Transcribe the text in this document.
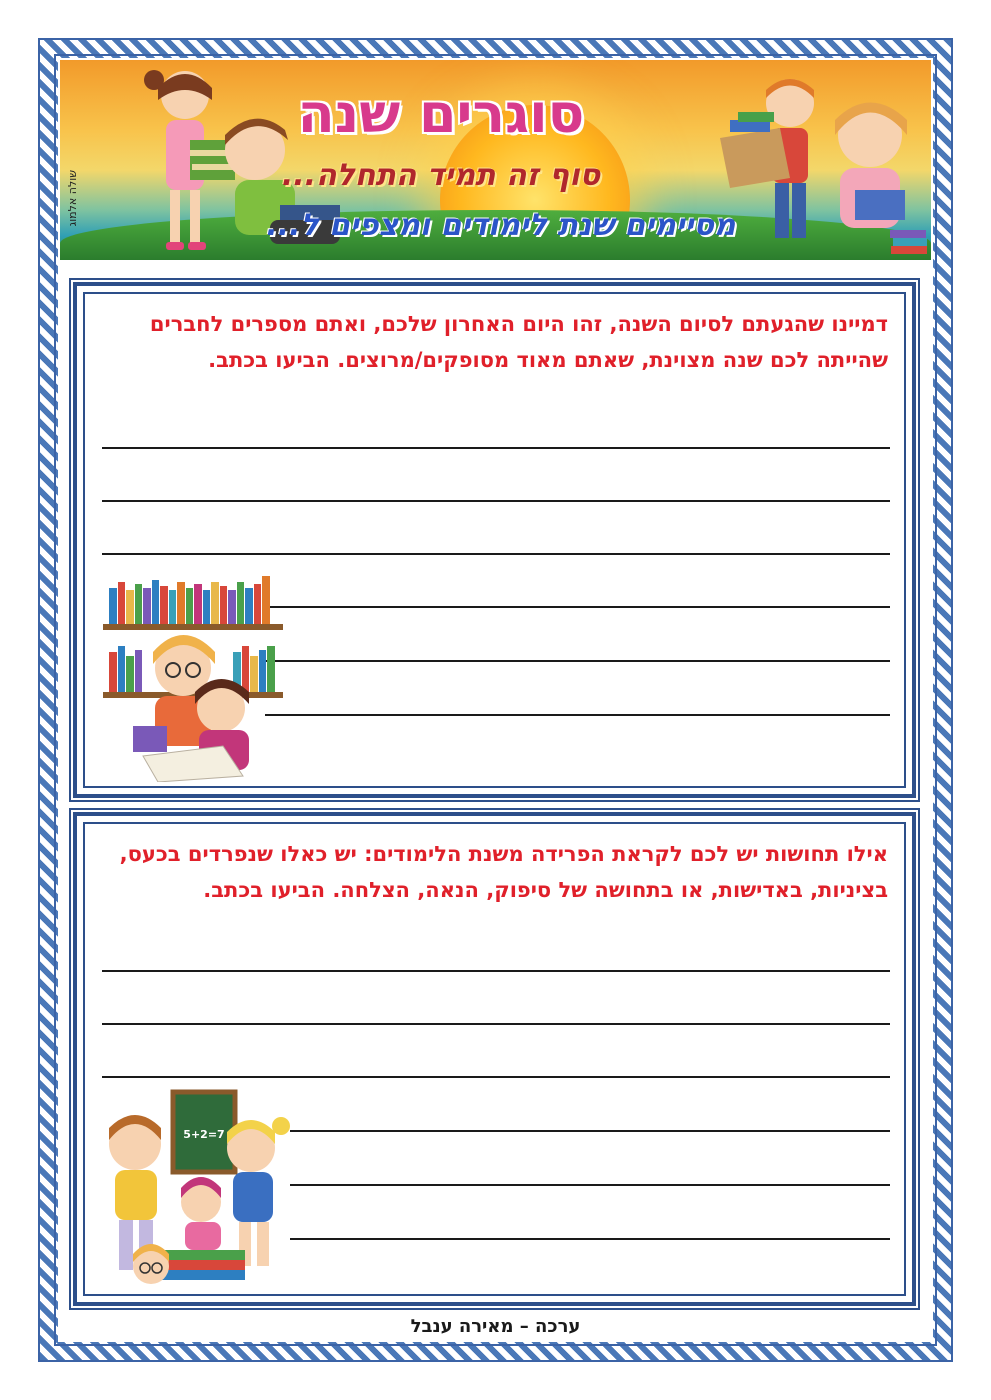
סוגרים שנה

סוף זה תמיד התחלה...

מסיימים שנת לימודים ומצפים ל...

שולה אלמוג

דמיינו שהגעתם לסיום השנה, זהו היום האחרון שלכם, ואתם מספרים לחברים שהייתה לכם שנה מצוינת, שאתם מאוד מסופקים/מרוצים. הביעו בכתב.

אילו תחושות יש לכם לקראת הפרידה משנת הלימודים: יש כאלו שנפרדים בכעס, בציניות, באדישות, או בתחושה של סיפוק, הנאה, הצלחה. הביעו בכתב.

5+2=7

ערכה – מאירה ענבל
